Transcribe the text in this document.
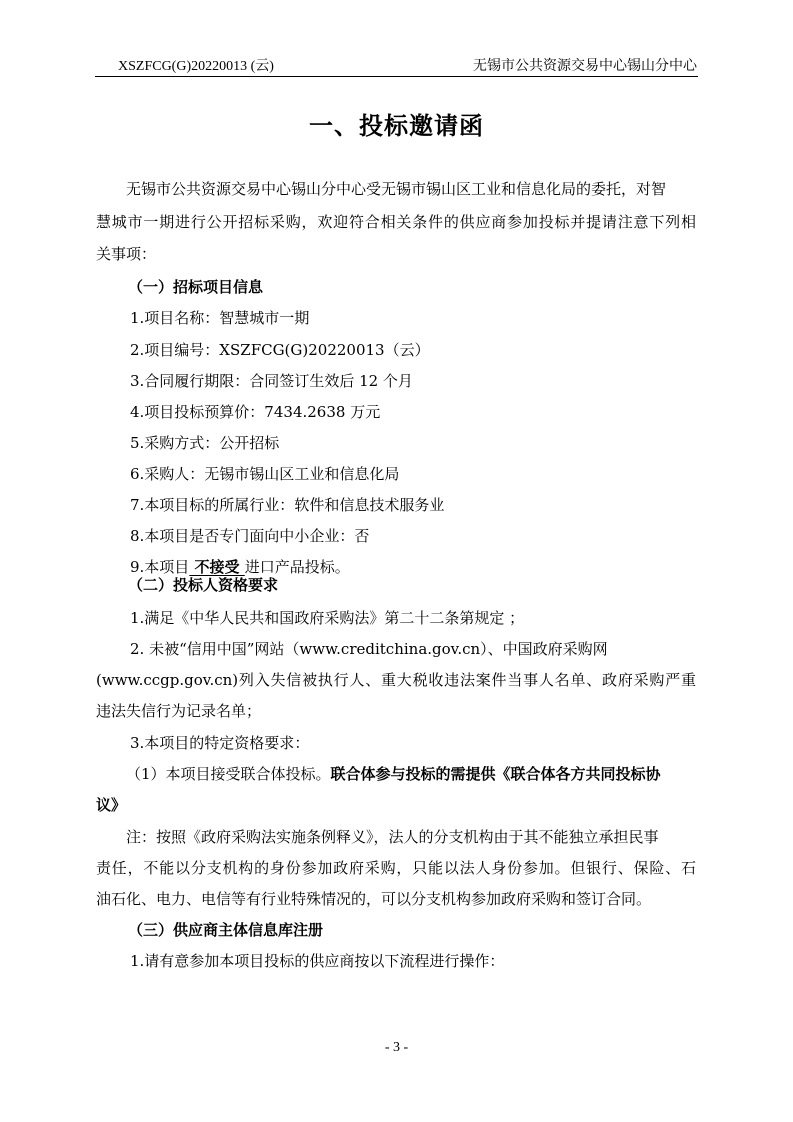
XSZFCG(G)20220013 (云)	无锡市公共资源交易中心锡山分中心
一、投标邀请函
无锡市公共资源交易中心锡山分中心受无锡市锡山区工业和信息化局的委托，对智
慧城市一期进行公开招标采购，欢迎符合相关条件的供应商参加投标并提请注意下列相
关事项：
（一）招标项目信息
1.项目名称：智慧城市一期
2.项目编号：XSZFCG(G)20220013（云）
3.合同履行期限：合同签订生效后 12 个月
4.项目投标预算价：7434.2638 万元
5.采购方式：公开招标
6.采购人：无锡市锡山区工业和信息化局
7.本项目标的所属行业：软件和信息技术服务业
8.本项目是否专门面向中小企业：否
9.本项目 不接受 进口产品投标。
（二）投标人资格要求
1.满足《中华人民共和国政府采购法》第二十二条第规定 ；
2. 未被“信用中国”网站（www.creditchina.gov.cn）、中国政府采购网
(www.ccgp.gov.cn)列入失信被执行人、重大税收违法案件当事人名单、政府采购严重
违法失信行为记录名单；
3.本项目的特定资格要求：
（1）本项目接受联合体投标。联合体参与投标的需提供《联合体各方共同投标协
议》
注：按照《政府采购法实施条例释义》，法人的分支机构由于其不能独立承担民事
责任，不能以分支机构的身份参加政府采购，只能以法人身份参加。但银行、保险、石
油石化、电力、电信等有行业特殊情况的，可以分支机构参加政府采购和签订合同。
（三）供应商主体信息库注册
1.请有意参加本项目投标的供应商按以下流程进行操作：
- 3 -
